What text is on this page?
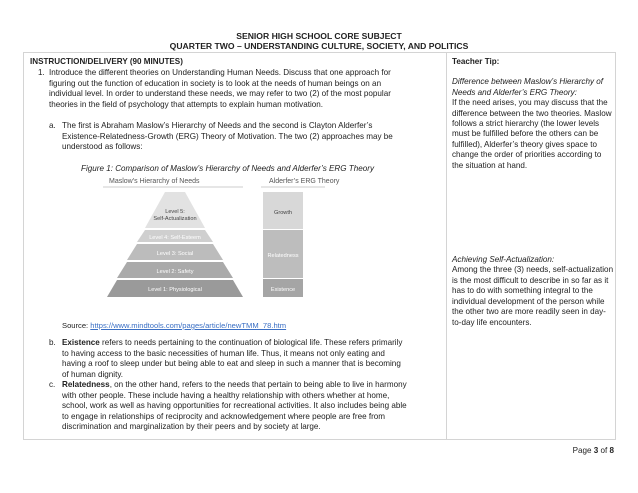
SENIOR HIGH SCHOOL CORE SUBJECT
QUARTER TWO – UNDERSTANDING CULTURE, SOCIETY, AND POLITICS
INSTRUCTION/DELIVERY (90 MINUTES)
1. Introduce the different theories on Understanding Human Needs. Discuss that one approach for
figuring out the function of education in society is to look at the needs of human beings on an
individual level. In order to understand these needs, we may refer to two (2) of the most popular
theories in the field of psychology that attempts to explain human motivation.
a. The first is Abraham Maslow’s Hierarchy of Needs and the second is Clayton Alderfer’s
Existence-Relatedness-Growth (ERG) Theory of Motivation. The two (2) approaches may be
understood as follows:
Figure 1: Comparison of Maslow’s Hierarchy of Needs and Alderfer’s ERG Theory
Maslow’s Hierarchy of Needs	Alderfer’s ERG Theory
Level 5:
Self-Actualization
Level 4: Self-Esteem
Level 3: Social
Level 2: Safety
Level 1: Physiological
Growth
Relatedness
Existence
Source: https://www.mindtools.com/pages/article/newTMM_78.htm
b. Existence refers to needs pertaining to the continuation of biological life. These refers primarily
to having access to the basic necessities of human life. Thus, it means not only eating and
having a roof to sleep under but being able to eat and sleep in such a manner that is becoming
of human dignity.
c. Relatedness, on the other hand, refers to the needs that pertain to being able to live in harmony
with other people. These include having a healthy relationship with others whether at home,
school, work as well as having opportunities for recreational activities. It also includes being able
to engage in relationships of reciprocity and acknowledgement where people are free from
discrimination and marginalization by their peers and by society at large.
Teacher Tip:
Difference between Maslow’s Hierarchy of Needs and Alderfer’s ERG Theory:
If the need arises, you may discuss that the difference between the two theories. Maslow follows a strict hierarchy (the lower levels must be fulfilled before the others can be fulfilled), Alderfer’s theory gives space to change the order of priorities according to the situation at hand.
Achieving Self-Actualization:
Among the three (3) needs, self-actualization is the most difficult to describe in so far as it has to do with something integral to the individual development of the person while the other two are more readily seen in day-to-day life encounters.
Page 3 of 8
